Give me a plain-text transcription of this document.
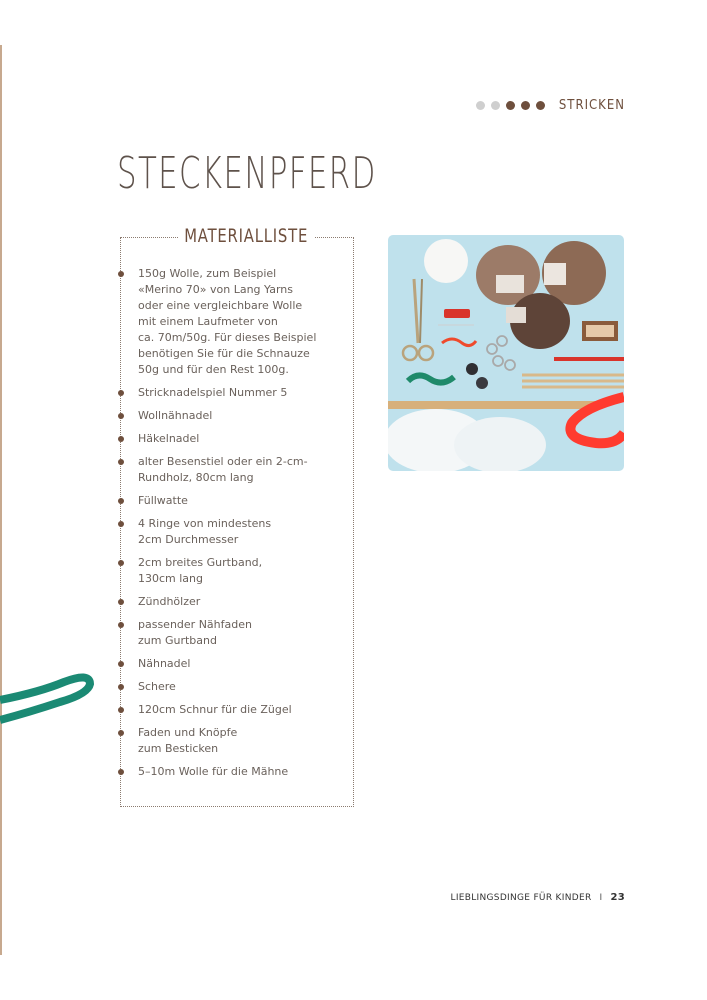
STRICKEN
STECKENPFERD
MATERIALLISTE
150g Wolle, zum Beispiel
«Merino 70» von Lang Yarns
oder eine vergleichbare Wolle
mit einem Laufmeter von
ca. 70m/50g. Für dieses Beispiel
benötigen Sie für die Schnauze
50g und für den Rest 100g.
Stricknadelspiel Nummer 5
Wollnähnadel
Häkelnadel
alter Besenstiel oder ein 2-cm-
Rundholz, 80cm lang
Füllwatte
4 Ringe von mindestens
2cm Durchmesser
2cm breites Gurtband,
130cm lang
Zündhölzer
passender Nähfaden
zum Gurtband
Nähnadel
Schere
120cm Schnur für die Zügel
Faden und Knöpfe
zum Besticken
5–10m Wolle für die Mähne
LIEBLINGSDINGE FÜR KINDER I 23
